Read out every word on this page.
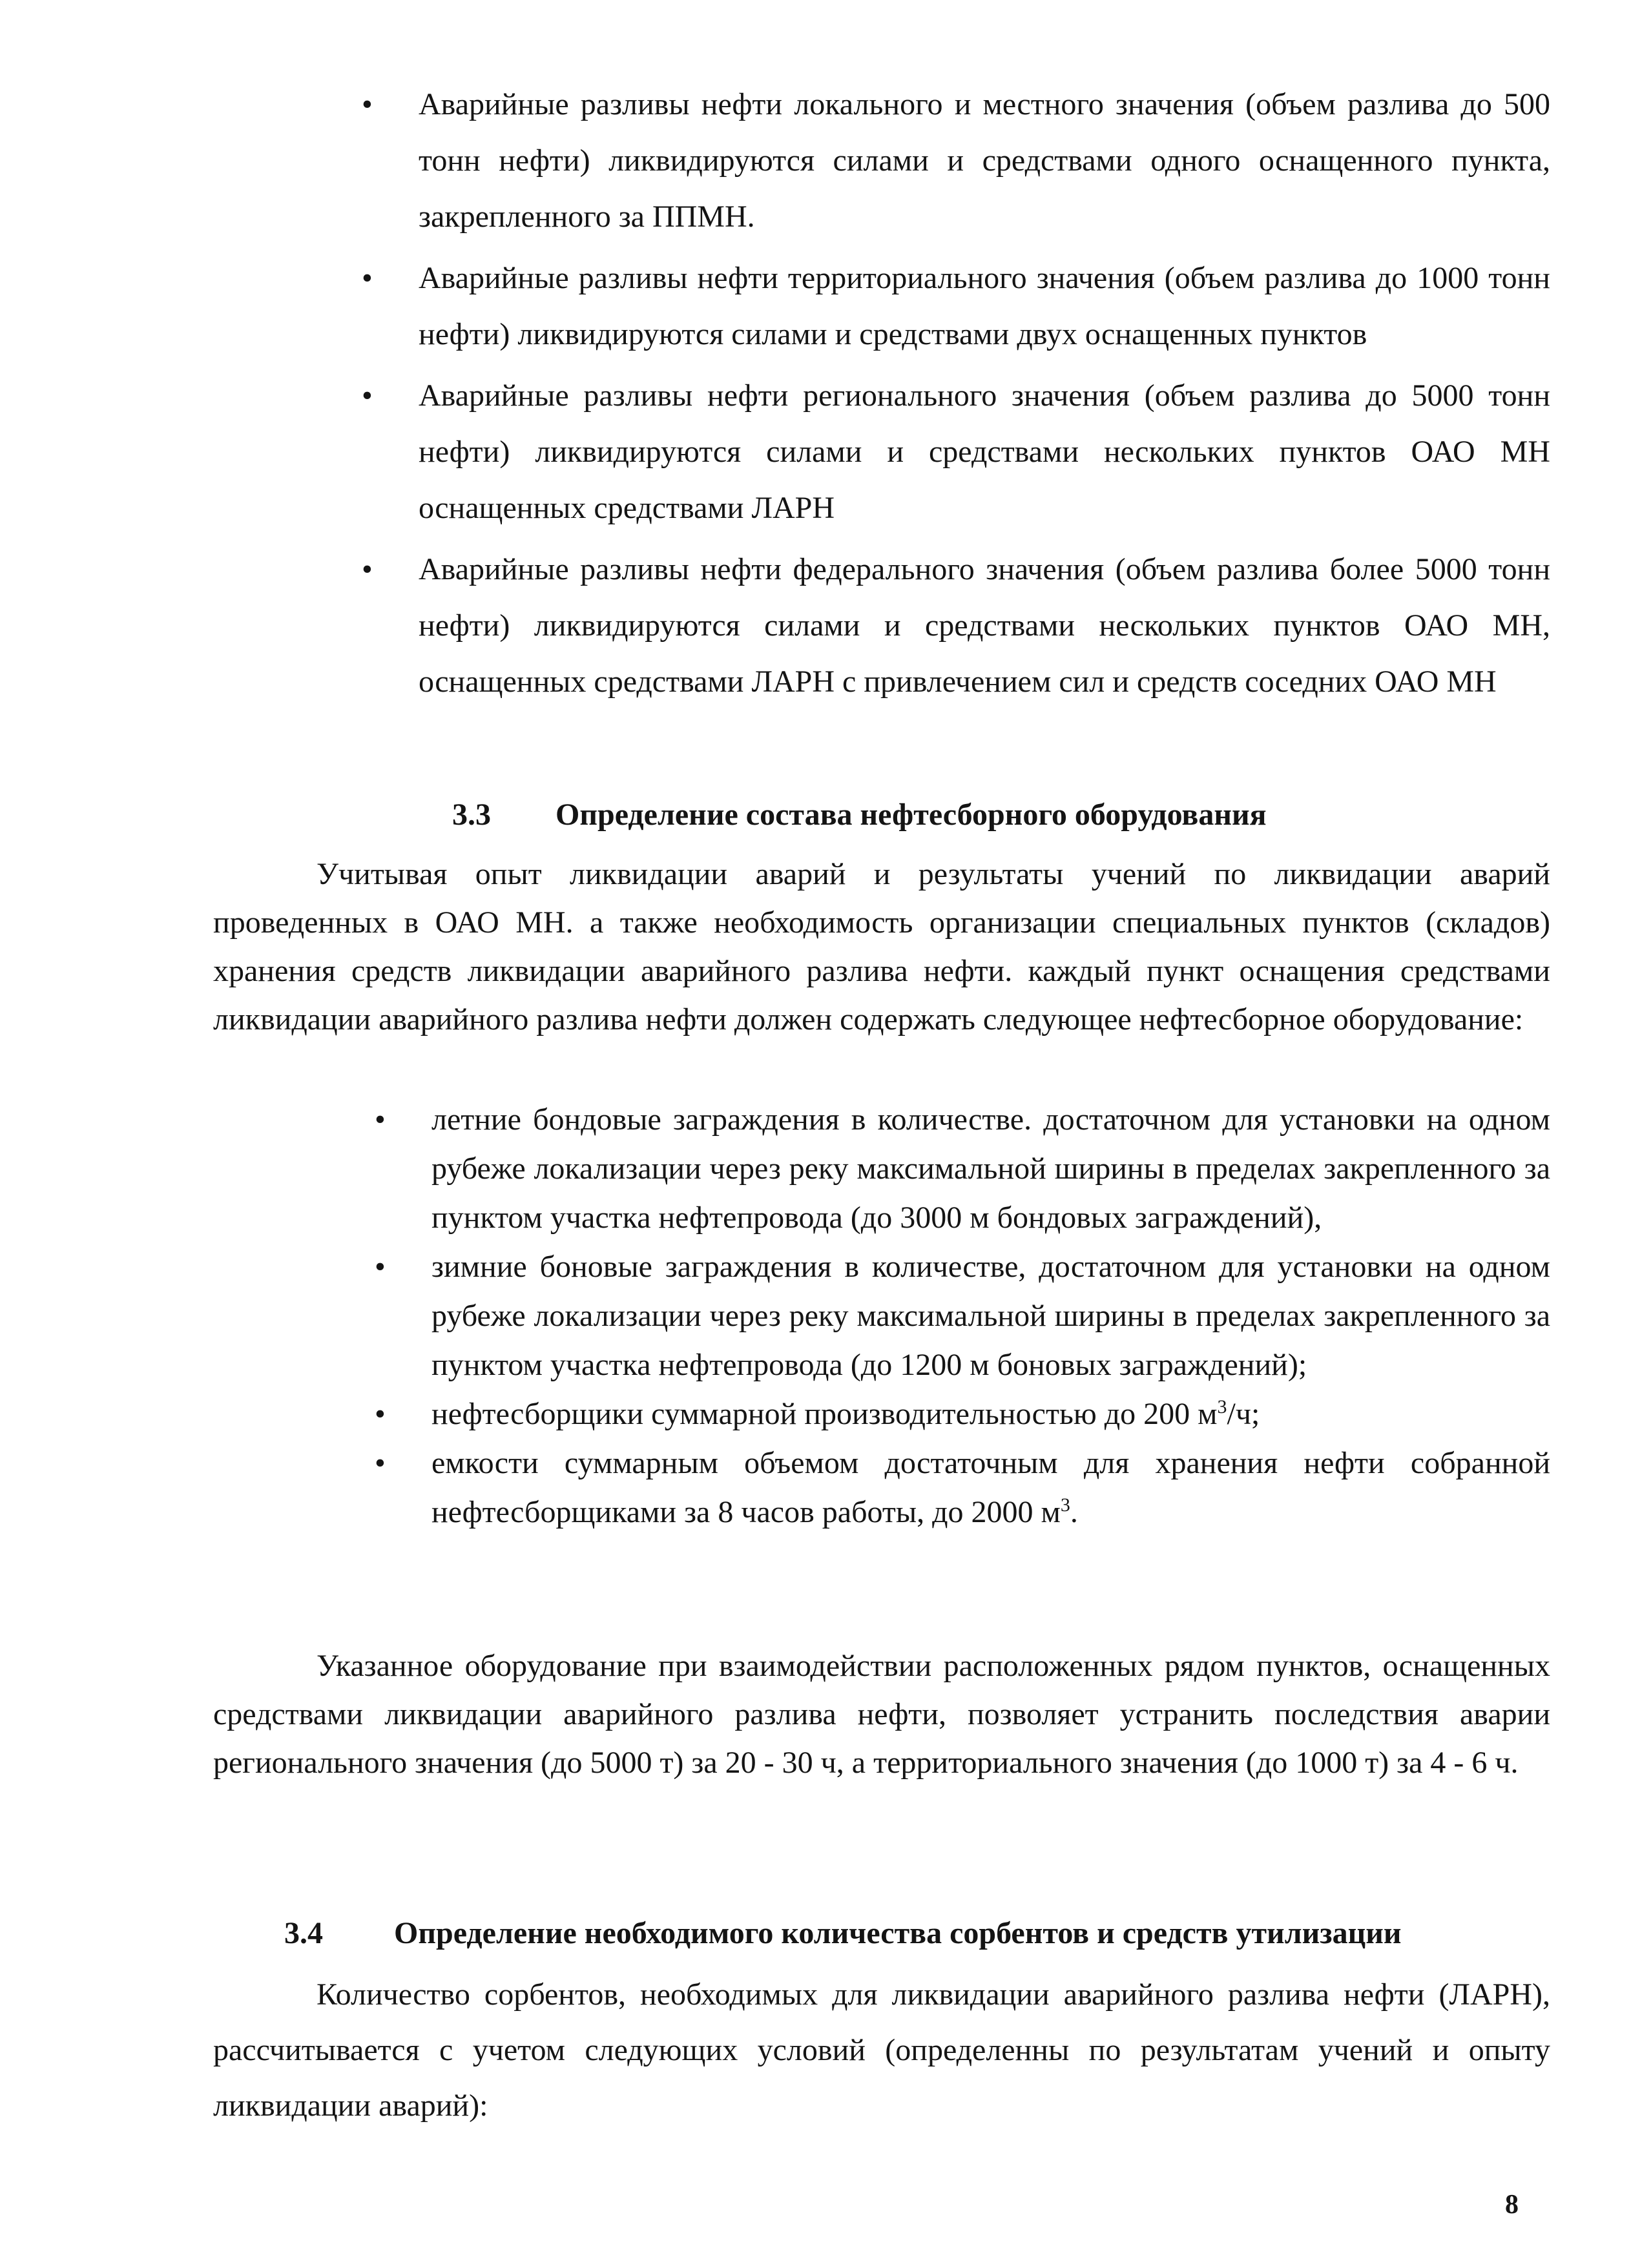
• Аварийные разливы нефти локального и местного значения (объем разлива до 500 тонн нефти) ликвидируются силами и средствами одного оснащенного пункта, закрепленного за ППМН.
• Аварийные разливы нефти территориального значения (объем разлива до 1000 тонн нефти) ликвидируются силами и средствами двух оснащенных пунктов
• Аварийные разливы нефти регионального значения (объем разлива до 5000 тонн нефти) ликвидируются силами и средствами нескольких пунктов ОАО МН оснащенных средствами ЛАРН
• Аварийные разливы нефти федерального значения (объем разлива более 5000 тонн нефти) ликвидируются силами и средствами нескольких пунктов ОАО МН, оснащенных средствами ЛАРН с привлечением сил и средств соседних ОАО МН
3.3 Определение состава нефтесборного оборудования

Учитывая опыт ликвидации аварий и результаты учений по ликвидации аварий проведенных в ОАО МН. а также необходимость организации специальных пунктов (складов) хранения средств ликвидации аварийного разлива нефти. каждый пункт оснащения средствами ликвидации аварийного разлива нефти должен содержать следующее нефтесборное оборудование:

• летние бондовые заграждения в количестве. достаточном для установки на одном рубеже локализации через реку максимальной ширины в пределах закрепленного за пунктом участка нефтепровода (до 3000 м бондовых заграждений),
• зимние боновые заграждения в количестве, достаточном для установки на одном рубеже локализации через реку максимальной ширины в пределах закрепленного за пунктом участка нефтепровода (до 1200 м боновых заграждений);
• нефтесборщики суммарной производительностью до 200 $м^3/ч$;
• емкости суммарным объемом достаточным для хранения нефти собранной нефтесборщиками за 8 часов работы, до 2000 $м^3$.

Указанное оборудование при взаимодействии расположенных рядом пунктов, оснащенных средствами ликвидации аварийного разлива нефти, позволяет устранить последствия аварии регионального значения (до 5000 т) за 20 - 30 ч, а территориального значения (до 1000 т) за 4 - 6 ч.

3.4 Определение необходимого количества сорбентов и средств утилизации

Количество сорбентов, необходимых для ликвидации аварийного разлива нефти (ЛАРН), рассчитывается с учетом следующих условий (определенны по результатам учений и опыту ликвидации аварий):

8
